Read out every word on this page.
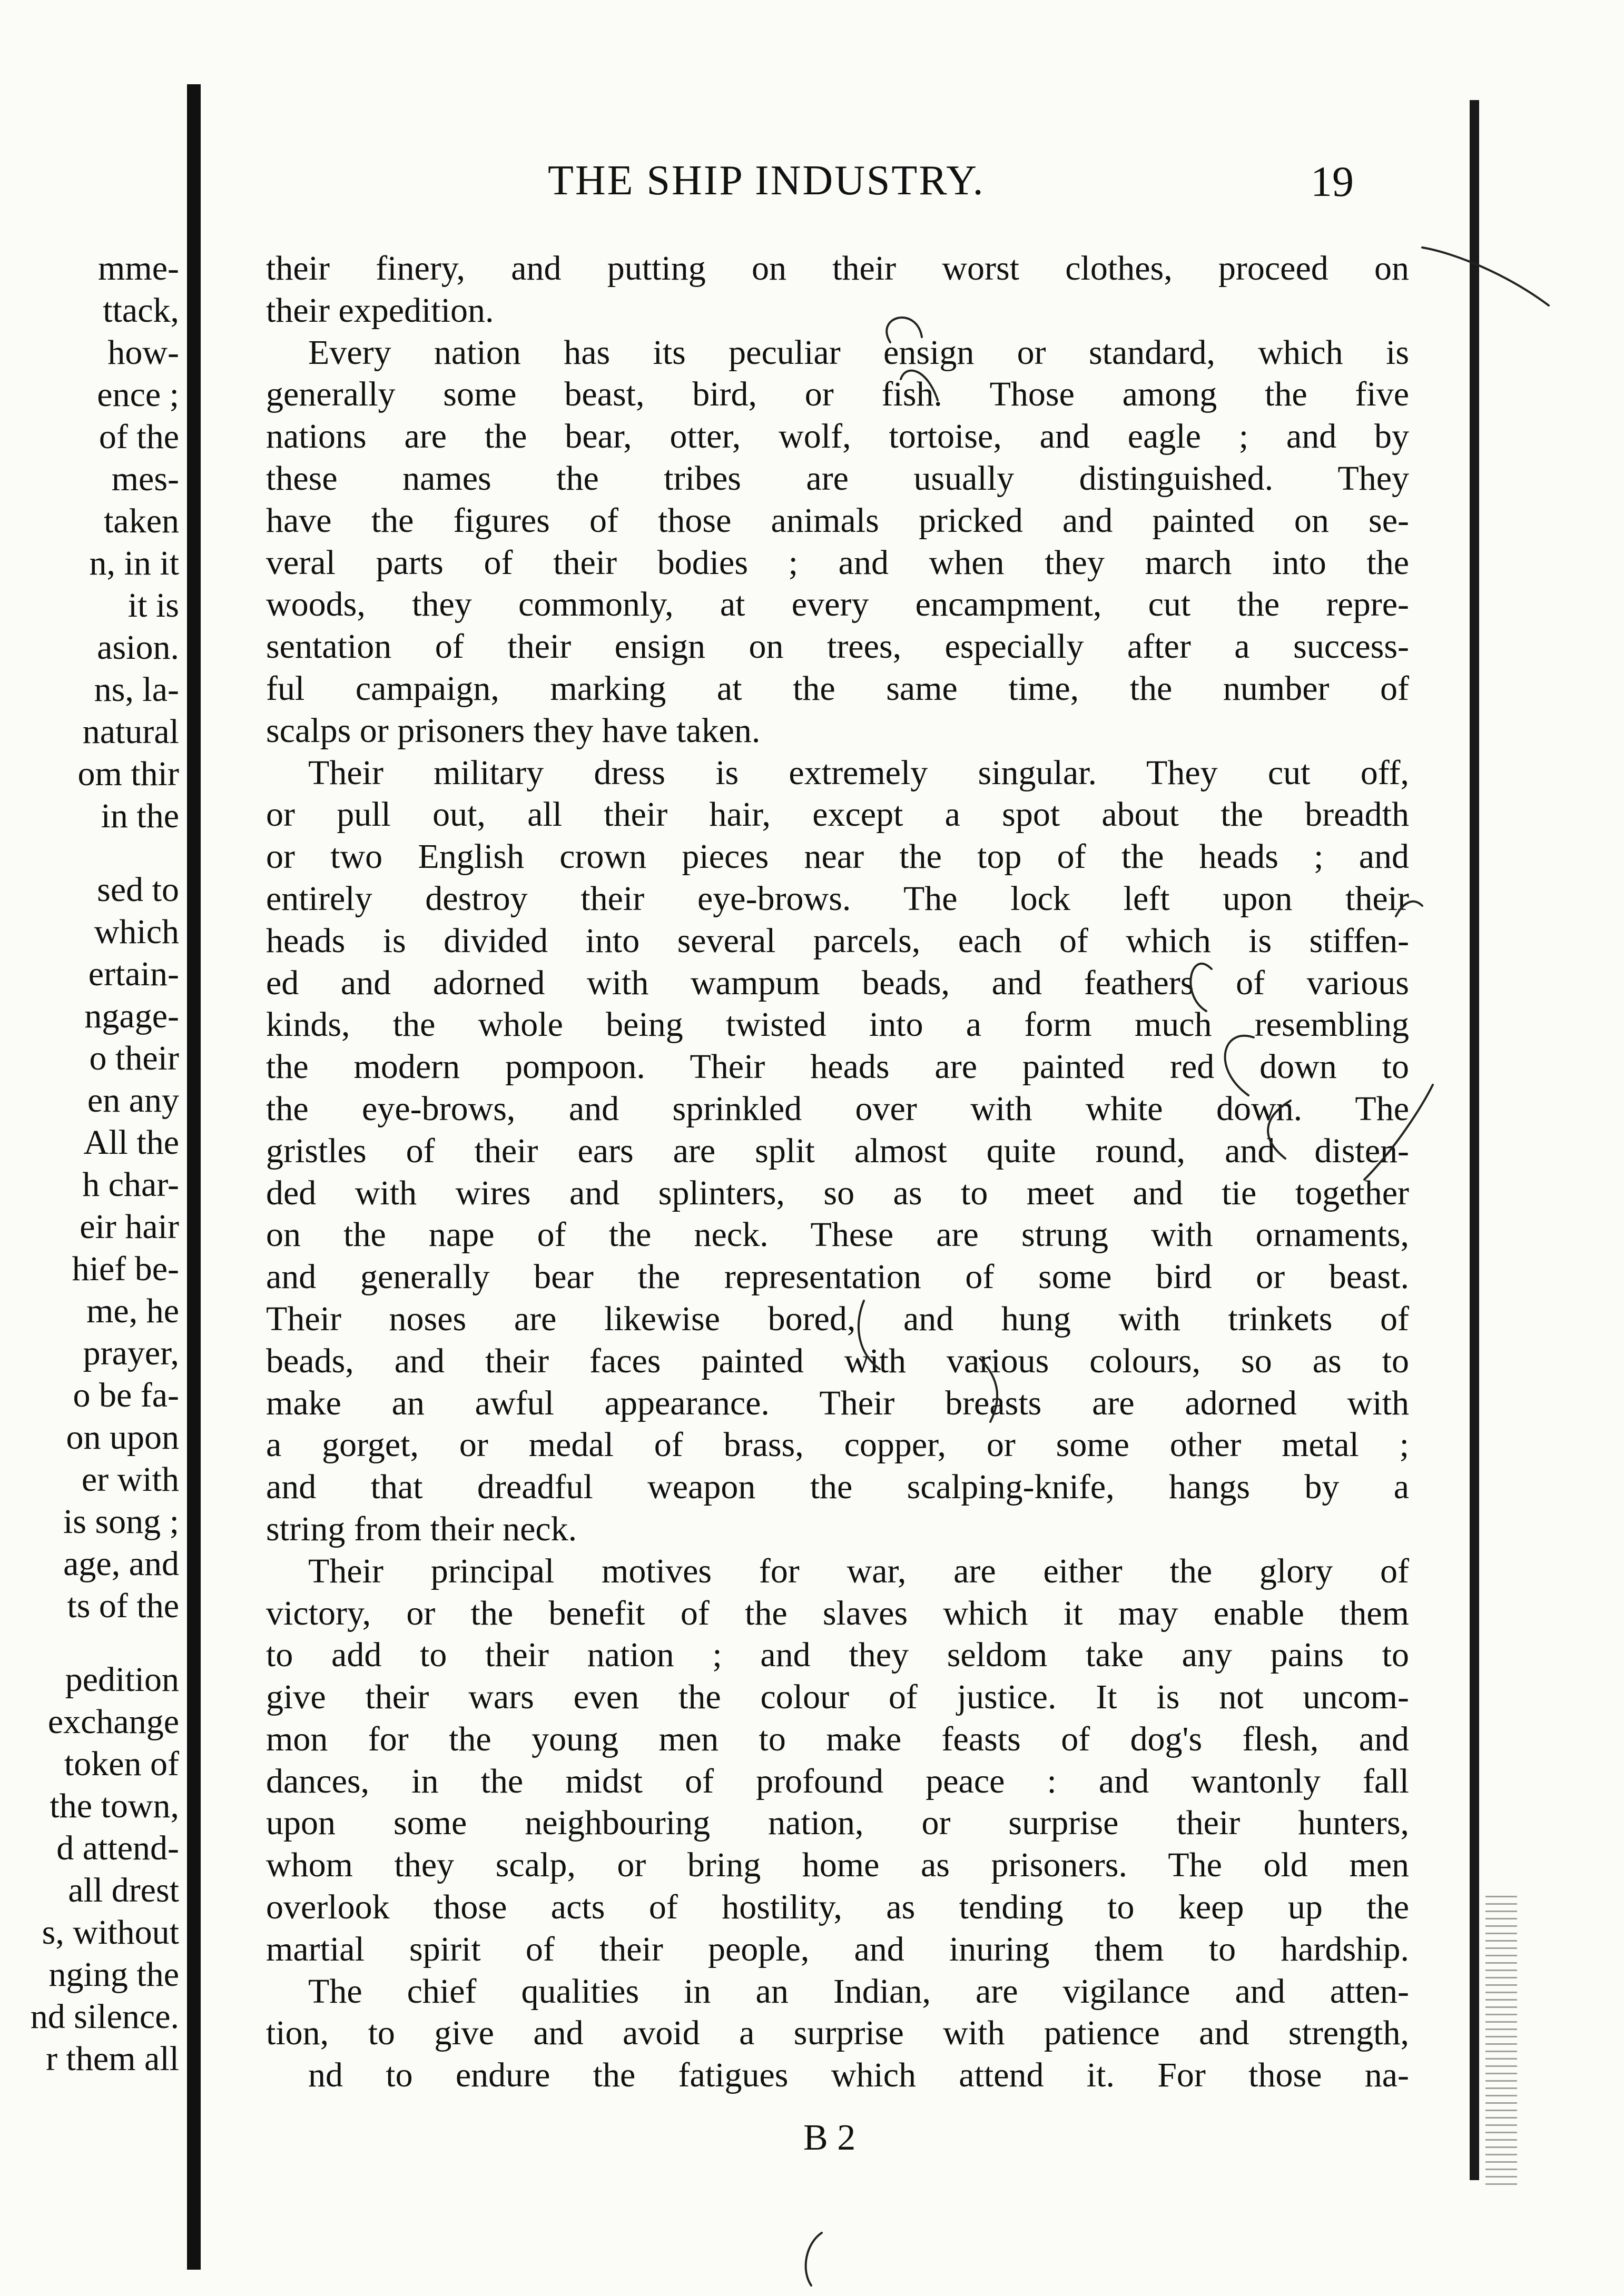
THE SHIP INDUSTRY.	19
mme-
ttack,
how-
ence ;
of the
mes-
taken
n, in it
it is
asion.
ns, la-
natural
om thir
in the
sed to
which
ertain-
ngage-
o their
en any
All the
h char-
eir hair
hief be-
me, he
prayer,
o be fa-
on upon
er with
is song ;
age, and
ts of the
pedition
exchange
token of
the town,
d attend-
all drest
s, without
nging the
nd silence.
r them all
their finery, and putting on their worst clothes, proceed on
their expedition.
Every nation has its peculiar ensign or standard, which is
generally some beast, bird, or fish. Those among the five
nations are the bear, otter, wolf, tortoise, and eagle ; and by
these names the tribes are usually distinguished. They
have the figures of those animals pricked and painted on se-
veral parts of their bodies ; and when they march into the
woods, they commonly, at every encampment, cut the repre-
sentation of their ensign on trees, especially after a success-
ful campaign, marking at the same time, the number of
scalps or prisoners they have taken.
Their military dress is extremely singular. They cut off,
or pull out, all their hair, except a spot about the breadth
or two English crown pieces near the top of the heads ; and
entirely destroy their eye-brows. The lock left upon their
heads is divided into several parcels, each of which is stiffen-
ed and adorned with wampum beads, and feathers of various
kinds, the whole being twisted into a form much resembling
the modern pompoon. Their heads are painted red down to
the eye-brows, and sprinkled over with white down. The
gristles of their ears are split almost quite round, and disten-
ded with wires and splinters, so as to meet and tie together
on the nape of the neck. These are strung with ornaments,
and generally bear the representation of some bird or beast.
Their noses are likewise bored, and hung with trinkets of
beads, and their faces painted with various colours, so as to
make an awful appearance. Their breasts are adorned with
a gorget, or medal of brass, copper, or some other metal ;
and that dreadful weapon the scalping-knife, hangs by a
string from their neck.
Their principal motives for war, are either the glory of
victory, or the benefit of the slaves which it may enable them
to add to their nation ; and they seldom take any pains to
give their wars even the colour of justice. It is not uncom-
mon for the young men to make feasts of dog's flesh, and
dances, in the midst of profound peace : and wantonly fall
upon some neighbouring nation, or surprise their hunters,
whom they scalp, or bring home as prisoners. The old men
overlook those acts of hostility, as tending to keep up the
martial spirit of their people, and inuring them to hardship.
The chief qualities in an Indian, are vigilance and atten-
tion, to give and avoid a surprise with patience and strength,
nd to endure the fatigues which attend it. For those na-
B 2
